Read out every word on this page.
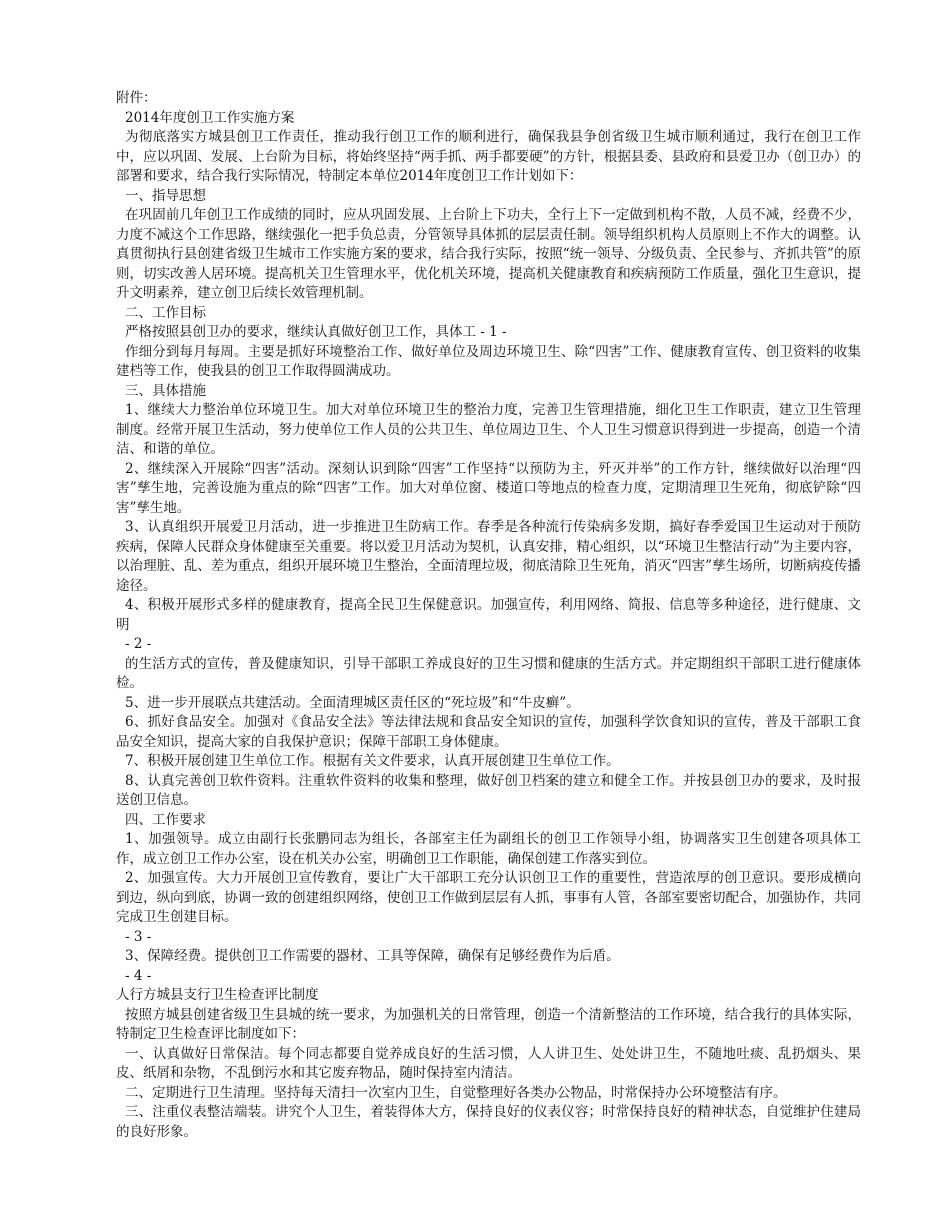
附件：
2014年度创卫工作实施方案
为彻底落实方城县创卫工作责任，推动我行创卫工作的顺利进行，确保我县争创省级卫生城市顺利通过，我行在创卫工作中，应以巩固、发展、上台阶为目标，将始终坚持“两手抓、两手都要硬”的方针，根据县委、县政府和县爱卫办（创卫办）的部署和要求，结合我行实际情况，特制定本单位2014年度创卫工作计划如下：
一、指导思想
在巩固前几年创卫工作成绩的同时，应从巩固发展、上台阶上下功夫，全行上下一定做到机构不散，人员不减，经费不少，力度不减这个工作思路，继续强化一把手负总责，分管领导具体抓的层层责任制。领导组织机构人员原则上不作大的调整。认真贯彻执行县创建省级卫生城市工作实施方案的要求，结合我行实际，按照“统一领导、分级负责、全民参与、齐抓共管”的原则，切实改善人居环境。提高机关卫生管理水平，优化机关环境，提高机关健康教育和疾病预防工作质量，强化卫生意识，提升文明素养，建立创卫后续长效管理机制。
二、工作目标
严格按照县创卫办的要求，继续认真做好创卫工作，具体工 - 1 -
作细分到每月每周。主要是抓好环境整治工作、做好单位及周边环境卫生、除“四害”工作、健康教育宣传、创卫资料的收集建档等工作，使我县的创卫工作取得圆满成功。
三、具体措施
1、继续大力整治单位环境卫生。加大对单位环境卫生的整治力度，完善卫生管理措施，细化卫生工作职责，建立卫生管理制度。经常开展卫生活动，努力使单位工作人员的公共卫生、单位周边卫生、个人卫生习惯意识得到进一步提高，创造一个清洁、和谐的单位。
2、继续深入开展除“四害”活动。深刻认识到除“四害”工作坚持“以预防为主，歼灭并举”的工作方针，继续做好以治理“四害”孳生地，完善设施为重点的除“四害”工作。加大对单位窗、楼道口等地点的检查力度，定期清理卫生死角，彻底铲除“四害”孳生地。
3、认真组织开展爱卫月活动，进一步推进卫生防病工作。春季是各种流行传染病多发期，搞好春季爱国卫生运动对于预防疾病，保障人民群众身体健康至关重要。将以爱卫月活动为契机，认真安排，精心组织，以“环境卫生整洁行动”为主要内容，以治理脏、乱、差为重点，组织开展环境卫生整治，全面清理垃圾，彻底清除卫生死角，消灭“四害”孳生场所，切断病疫传播途径。
4、积极开展形式多样的健康教育，提高全民卫生保健意识。加强宣传，利用网络、简报、信息等多种途径，进行健康、文明
- 2 -
的生活方式的宣传，普及健康知识，引导干部职工养成良好的卫生习惯和健康的生活方式。并定期组织干部职工进行健康体检。
5、进一步开展联点共建活动。全面清理城区责任区的“死垃圾”和“牛皮癣”。
6、抓好食品安全。加强对《食品安全法》等法律法规和食品安全知识的宣传，加强科学饮食知识的宣传，普及干部职工食品安全知识，提高大家的自我保护意识；保障干部职工身体健康。
7、积极开展创建卫生单位工作。根据有关文件要求，认真开展创建卫生单位工作。
8、认真完善创卫软件资料。注重软件资料的收集和整理，做好创卫档案的建立和健全工作。并按县创卫办的要求，及时报送创卫信息。
四、工作要求
1、加强领导。成立由副行长张鹏同志为组长，各部室主任为副组长的创卫工作领导小组，协调落实卫生创建各项具体工作，成立创卫工作办公室，设在机关办公室，明确创卫工作职能，确保创建工作落实到位。
2、加强宣传。大力开展创卫宣传教育，要让广大干部职工充分认识创卫工作的重要性，营造浓厚的创卫意识。要形成横向到边，纵向到底，协调一致的创建组织网络，使创卫工作做到层层有人抓，事事有人管，各部室要密切配合，加强协作，共同完成卫生创建目标。
- 3 -
3、保障经费。提供创卫工作需要的器材、工具等保障，确保有足够经费作为后盾。
- 4 -
人行方城县支行卫生检查评比制度
按照方城县创建省级卫生县城的统一要求，为加强机关的日常管理，创造一个清新整洁的工作环境，结合我行的具体实际，特制定卫生检查评比制度如下：
一、认真做好日常保洁。每个同志都要自觉养成良好的生活习惯，人人讲卫生、处处讲卫生，不随地吐痰、乱扔烟头、果皮、纸屑和杂物，不乱倒污水和其它废弃物品，随时保持室内清洁。
二、定期进行卫生清理。坚持每天清扫一次室内卫生，自觉整理好各类办公物品，时常保持办公环境整洁有序。
三、注重仪表整洁端装。讲究个人卫生，着装得体大方，保持良好的仪表仪容；时常保持良好的精神状态，自觉维护住建局的良好形象。
